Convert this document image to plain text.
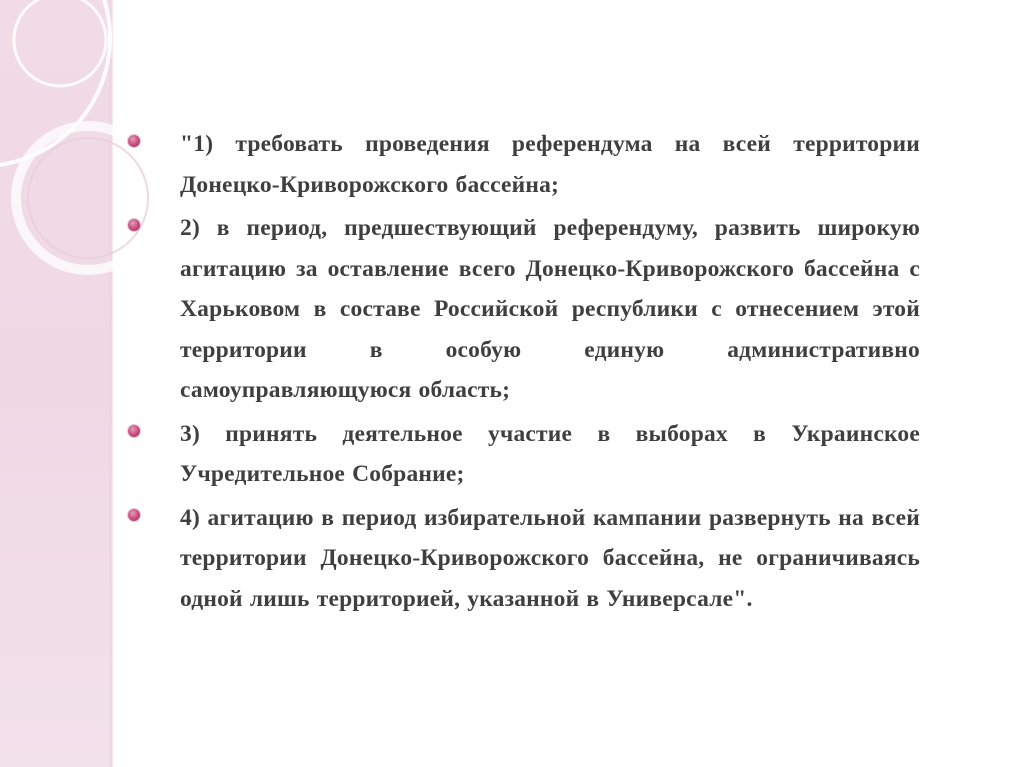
"1) требовать проведения референдума на всей территории Донецко-Криворожского бассейна;
2) в период, предшествующий референдуму, развить широкую агитацию за оставление всего Донецко-Криворожского бассейна с Харьковом в составе Российской республики с отнесением этой территории в особую единую административно самоуправляющуюся область;
3) принять деятельное участие в выборах в Украинское Учредительное Собрание;
4) агитацию в период избирательной кампании развернуть на всей территории Донецко-Криворожского бассейна, не ограничиваясь одной лишь территорией, указанной в Универсале".
